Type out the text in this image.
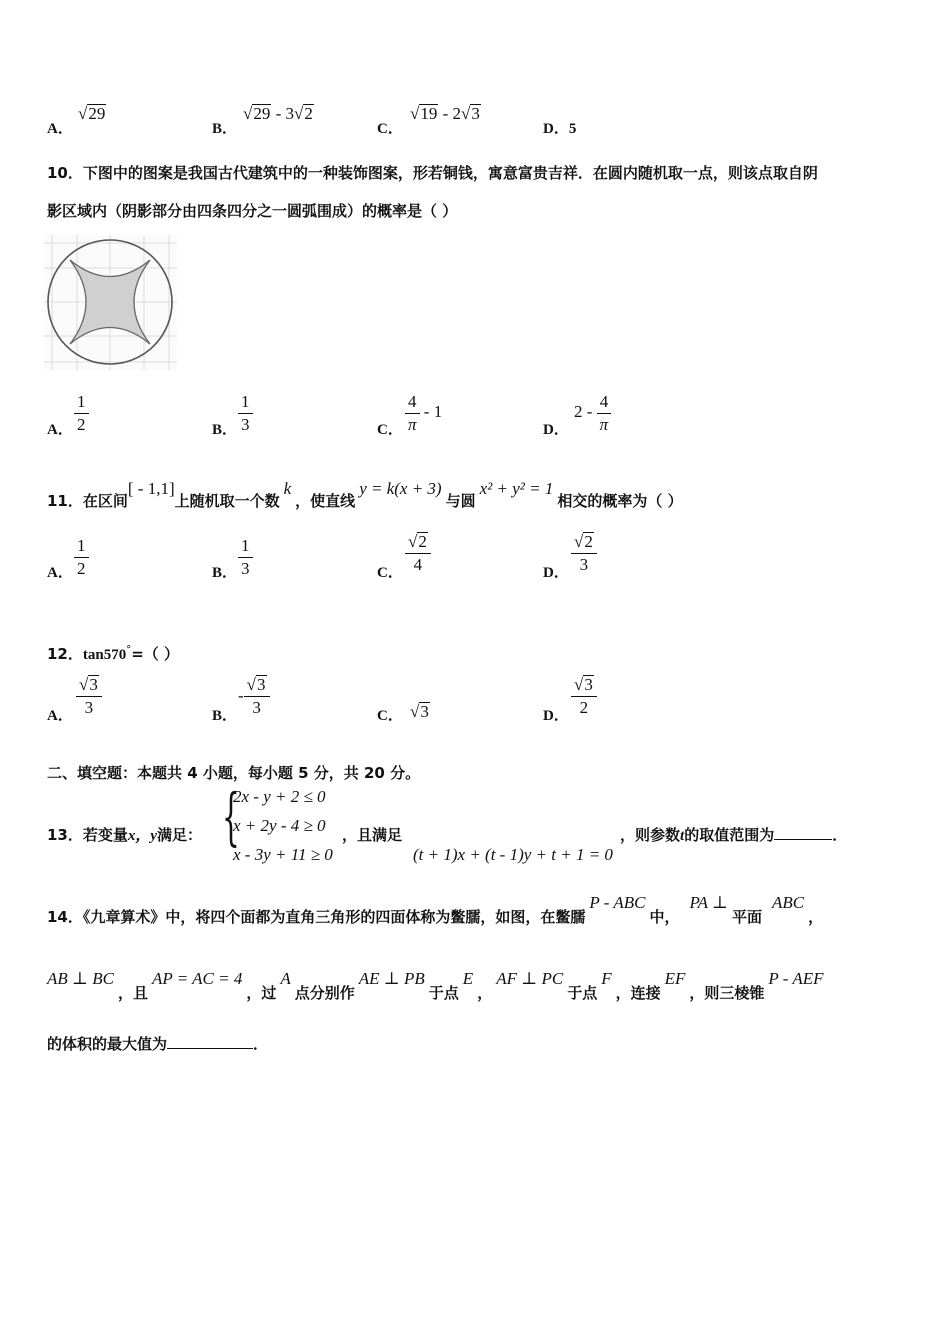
A．
√29
B．
√29 - 3√2
C．
√19 - 2√3
D．5
10．下图中的图案是我国古代建筑中的一种装饰图案，形若铜钱，寓意富贵吉祥．在圆内随机取一点，则该点取自阴
影区域内（阴影部分由四条四分之一圆弧围成）的概率是（ ）
A． $\frac{1}{2}$	B． $\frac{1}{3}$	C． $\frac{4}{\pi} - 1$
D．
$2 - \frac{4}{\pi}$
11．在区间[ - 1,1]上随机取一个数k，使直线y = k(x + 3)与圆x² + y² = 1相交的概率为（ ）
A． $\frac{1}{2}$	B． $\frac{1}{3}$	C． $\frac{√2}{4}$	D． $\frac{√2}{3}$
12．tan570°=（ ）
A． $\frac{√3}{3}$	B．
- $\frac{√3}{3}$	C． √3	D． $\frac{√3}{2}$
二、填空题：本题共 4 小题，每小题 5 分，共 20 分。
13．若变量x，y满足： {
2x - y + 2 ≤ 0
x + 2y - 4 ≥ 0
x - 3y + 11 ≥ 0
，且满足
(t + 1)x + (t - 1)y + t + 1 = 0
，则参数t的取值范围为	．
14．《九章算术》中，将四个面都为直角三角形的四面体称为鳖臑，如图，在鳖臑P - ABC中，PA ⊥平面ABC，
AB ⊥ BC，且AP = AC = 4，过A点分别作AE ⊥ PB于点E，AF ⊥ PC于点F，连接EF，则三棱锥P - AEF
的体积的最大值为	．
